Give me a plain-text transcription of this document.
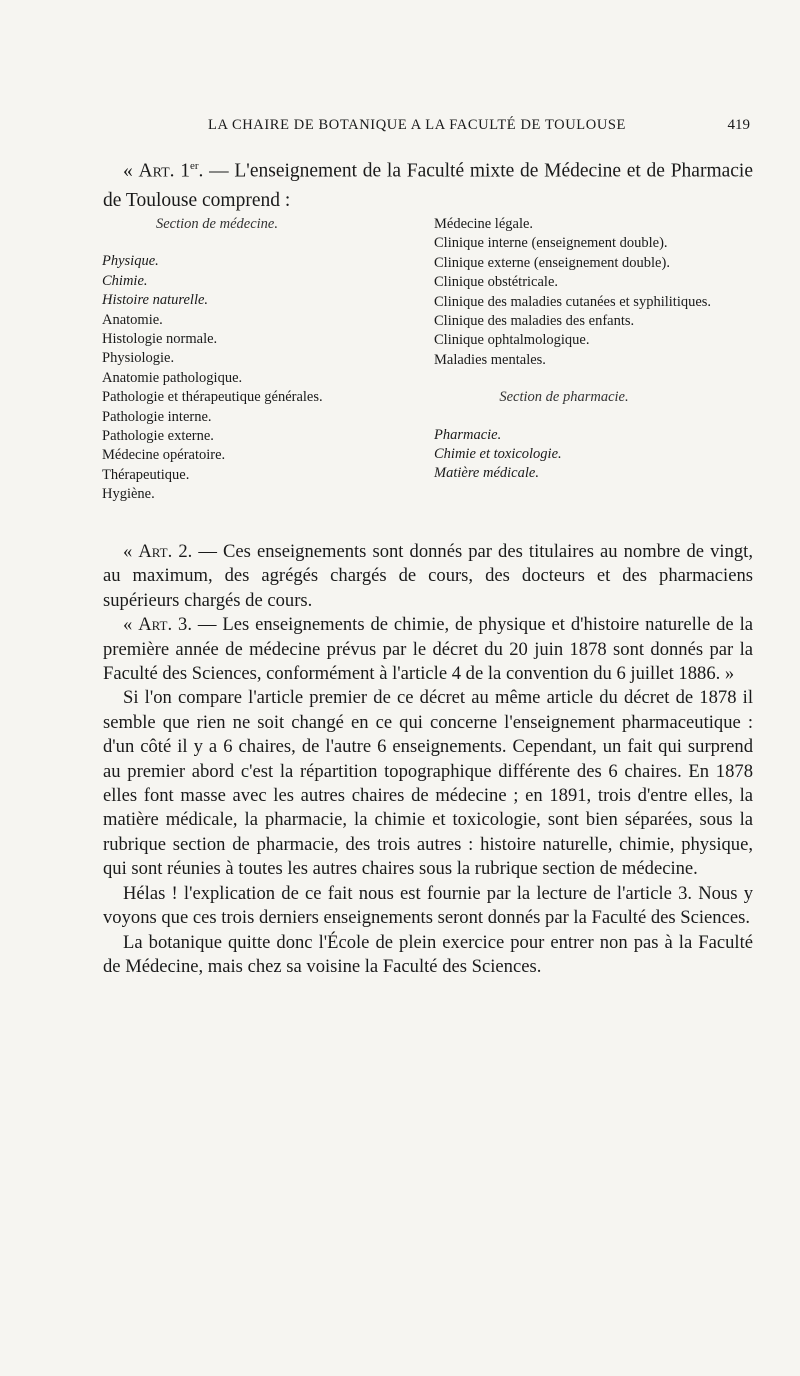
LA CHAIRE DE BOTANIQUE A LA FACULTÉ DE TOULOUSE	419
« Art. 1er. — L'enseignement de la Faculté mixte de Médecine et de Pharmacie de Toulouse comprend :
Section de médecine.
Physique.
Chimie.
Histoire naturelle.
Anatomie.
Histologie normale.
Physiologie.
Anatomie pathologique.
Pathologie et thérapeutique générales.
Pathologie interne.
Pathologie externe.
Médecine opératoire.
Thérapeutique.
Hygiène.
Médecine légale.
Clinique interne (enseignement double).
Clinique externe (enseignement double).
Clinique obstétricale.
Clinique des maladies cutanées et syphilitiques.
Clinique des maladies des enfants.
Clinique ophtalmologique.
Maladies mentales.
Section de pharmacie.
Pharmacie.
Chimie et toxicologie.
Matière médicale.

« Art. 2. — Ces enseignements sont donnés par des titulaires au nombre de vingt, au maximum, des agrégés chargés de cours, des docteurs et des pharmaciens supérieurs chargés de cours.

« Art. 3. — Les enseignements de chimie, de physique et d'histoire naturelle de la première année de médecine prévus par le décret du 20 juin 1878 sont donnés par la Faculté des Sciences, conformément à l'article 4 de la convention du 6 juillet 1886. »

Si l'on compare l'article premier de ce décret au même article du décret de 1878 il semble que rien ne soit changé en ce qui concerne l'enseignement pharmaceutique : d'un côté il y a 6 chaires, de l'autre 6 enseignements. Cependant, un fait qui surprend au premier abord c'est la répartition topographique différente des 6 chaires. En 1878 elles font masse avec les autres chaires de médecine ; en 1891, trois d'entre elles, la matière médicale, la pharmacie, la chimie et toxicologie, sont bien séparées, sous la rubrique section de pharmacie, des trois autres : histoire naturelle, chimie, physique, qui sont réunies à toutes les autres chaires sous la rubrique section de médecine.

Hélas ! l'explication de ce fait nous est fournie par la lecture de l'article 3. Nous y voyons que ces trois derniers enseignements seront donnés par la Faculté des Sciences.

La botanique quitte donc l'École de plein exercice pour entrer non pas à la Faculté de Médecine, mais chez sa voisine la Faculté des Sciences.
